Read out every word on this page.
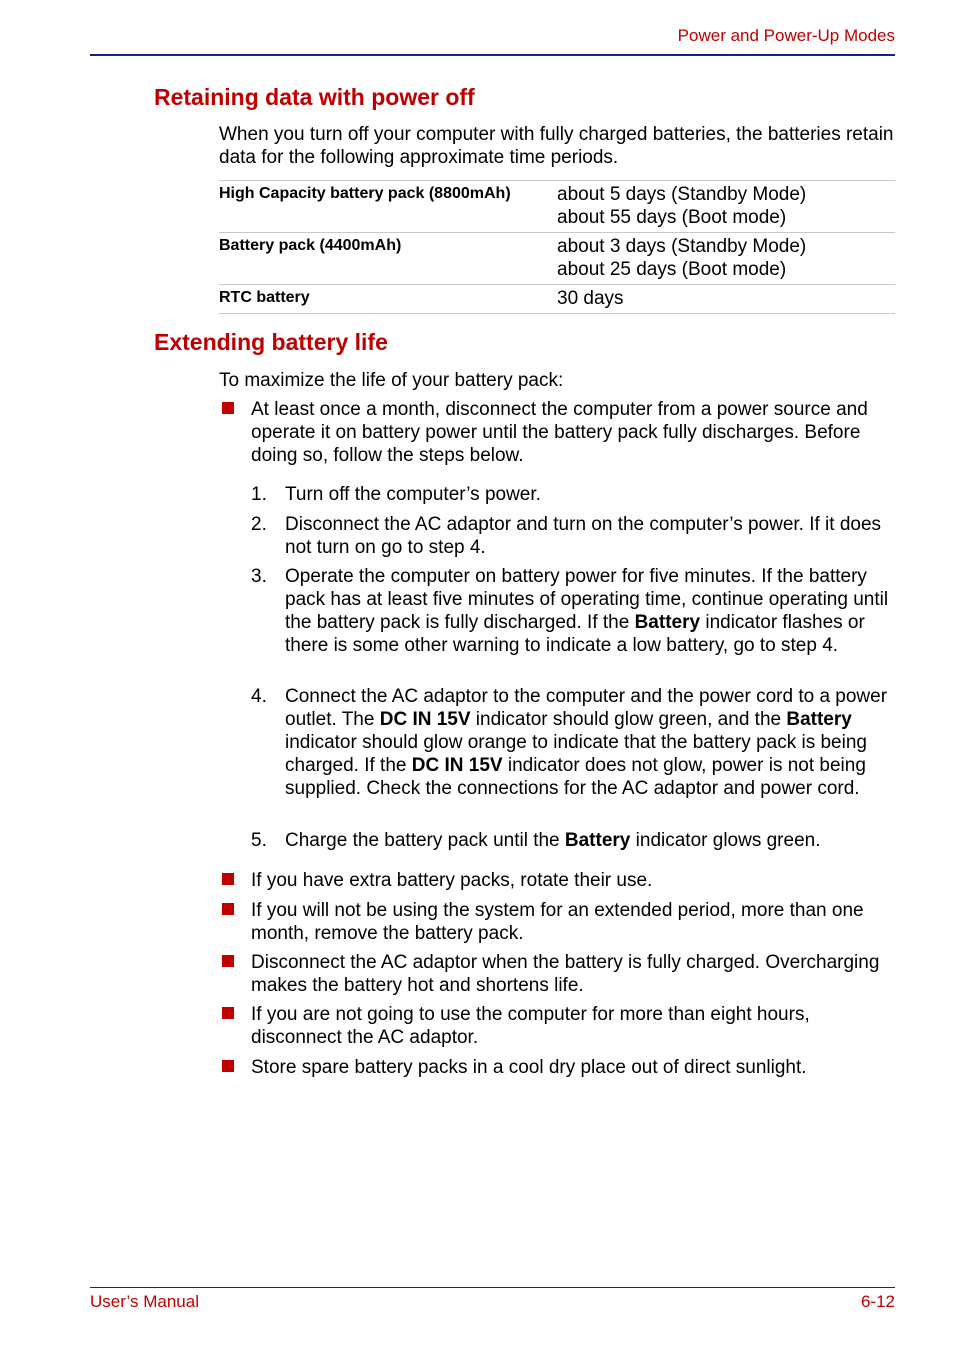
Power and Power-Up Modes
Retaining data with power off

When you turn off your computer with fully charged batteries, the batteries retain data for the following approximate time periods.

High Capacity battery pack (8800mAh)	about 5 days (Standby Mode)
about 55 days (Boot mode)

Battery pack (4400mAh)	about 3 days (Standby Mode)
about 25 days (Boot mode)

RTC battery	30 days
Extending battery life

To maximize the life of your battery pack:

At least once a month, disconnect the computer from a power source and operate it on battery power until the battery pack fully discharges. Before doing so, follow the steps below.
1. Turn off the computer’s power.
2. Disconnect the AC adaptor and turn on the computer’s power. If it does not turn on go to step 4.
3. Operate the computer on battery power for five minutes. If the battery pack has at least five minutes of operating time, continue operating until the battery pack is fully discharged. If the Battery indicator flashes or there is some other warning to indicate a low battery, go to step 4.
4. Connect the AC adaptor to the computer and the power cord to a power outlet. The DC IN 15V indicator should glow green, and the Battery indicator should glow orange to indicate that the battery pack is being charged. If the DC IN 15V indicator does not glow, power is not being supplied. Check the connections for the AC adaptor and power cord.
5. Charge the battery pack until the Battery indicator glows green.
If you have extra battery packs, rotate their use.
If you will not be using the system for an extended period, more than one month, remove the battery pack.
Disconnect the AC adaptor when the battery is fully charged. Overcharging makes the battery hot and shortens life.
If you are not going to use the computer for more than eight hours, disconnect the AC adaptor.
Store spare battery packs in a cool dry place out of direct sunlight.
User’s Manual	6-12
